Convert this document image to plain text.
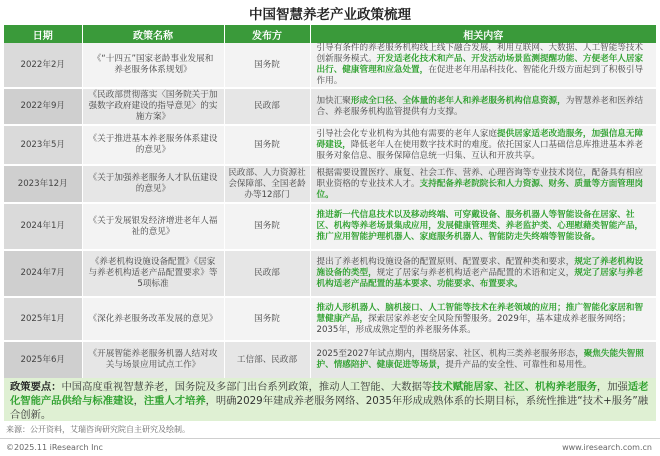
中国智慧养老产业政策梳理
日期	政策名称	发布方	相关内容
2022年2月	《“十四五”国家老龄事业发展和养老服务体系规划》	国务院	引导有条件的养老服务机构线上线下融合发展，利用互联网、大数据、人工智能等技术创新服务模式。开发适老化技术和产品、开发活动场景监测提醒功能、方便老年人居家出行、健康管理和应急处置，在促进老年用品科技化、智能化升级方面起到了积极引导作用。
2022年9月	《民政部贯彻落实〈国务院关于加强数字政府建设的指导意见〉的实施方案》	民政部	加快汇聚形成全口径、全体量的老年人和养老服务机构信息资源，为智慧养老和医养结合、养老服务机构监管提供有力支撑。
2023年5月	《关于推进基本养老服务体系建设的意见》	国务院	引导社会化专业机构为其他有需要的老年人家庭提供居家适老改造服务，加强信息无障碍建设，降低老年人在使用数字技术时的难度。依托国家人口基础信息库推进基本养老服务对象信息、服务保障信息统一归集、互认和开放共享。
2023年12月	《关于加强养老服务人才队伍建设的意见》	民政部、人力资源社会保障部、全国老龄办等12部门	根据需要设置医疗、康复、社会工作、营养、心理咨询等专业技术岗位，配备具有相应职业资格的专业技术人才。支持配备养老院院长和人力资源、财务、质量等方面管理岗位。
2024年1月	《关于发展银发经济增进老年人福祉的意见》	国务院	推进新一代信息技术以及移动终端、可穿戴设备、服务机器人等智能设备在居家、社区、机构等养老场景集成应用，发展健康管理类、养老监护类、心理慰藉类智能产品，推广应用智能护理机器人、家庭服务机器人、智能防走失终端等智能设备。
2024年7月	《养老机构设施设备配置》《居家与养老机构适老产品配置要求》等5项标准	民政部	提出了养老机构设施设备的配置原则、配置要求、配置种类和要求，规定了养老机构设施设备的类型，规定了居家与养老机构适老产品配置的术语和定义，规定了居家与养老机构适老产品配置的基本要求、功能要求、布置要求。
2025年1月	《深化养老服务改革发展的意见》	国务院	推动人形机器人、脑机接口、人工智能等技术在养老领域的应用；推广智能化家居和智慧健康产品，探索居家养老安全风险预警服务。2029年，基本建成养老服务网络；2035年，形成成熟定型的养老服务体系。
2025年6月	《开展智能养老服务机器人结对攻关与场景应用试点工作》	工信部、民政部	2025至2027年试点期内，围绕居家、社区、机构三类养老服务形态，聚焦失能失智照护、情感陪护、健康促进等场景，提升产品的安全性、可靠性和易用性。
政策要点：中国高度重视智慧养老，国务院及多部门出台系列政策，推动人工智能、大数据等技术赋能居家、社区、机构养老服务，加强适老化智能产品供给与标准建设，注重人才培养，明确2029年建成养老服务网络、2035年形成成熟体系的长期目标，系统性推进“技术+服务”融合创新。
来源：公开资料，艾瑞咨询研究院自主研究及绘制。
©2025.11 iResearch Inc	www.iresearch.com.cn
